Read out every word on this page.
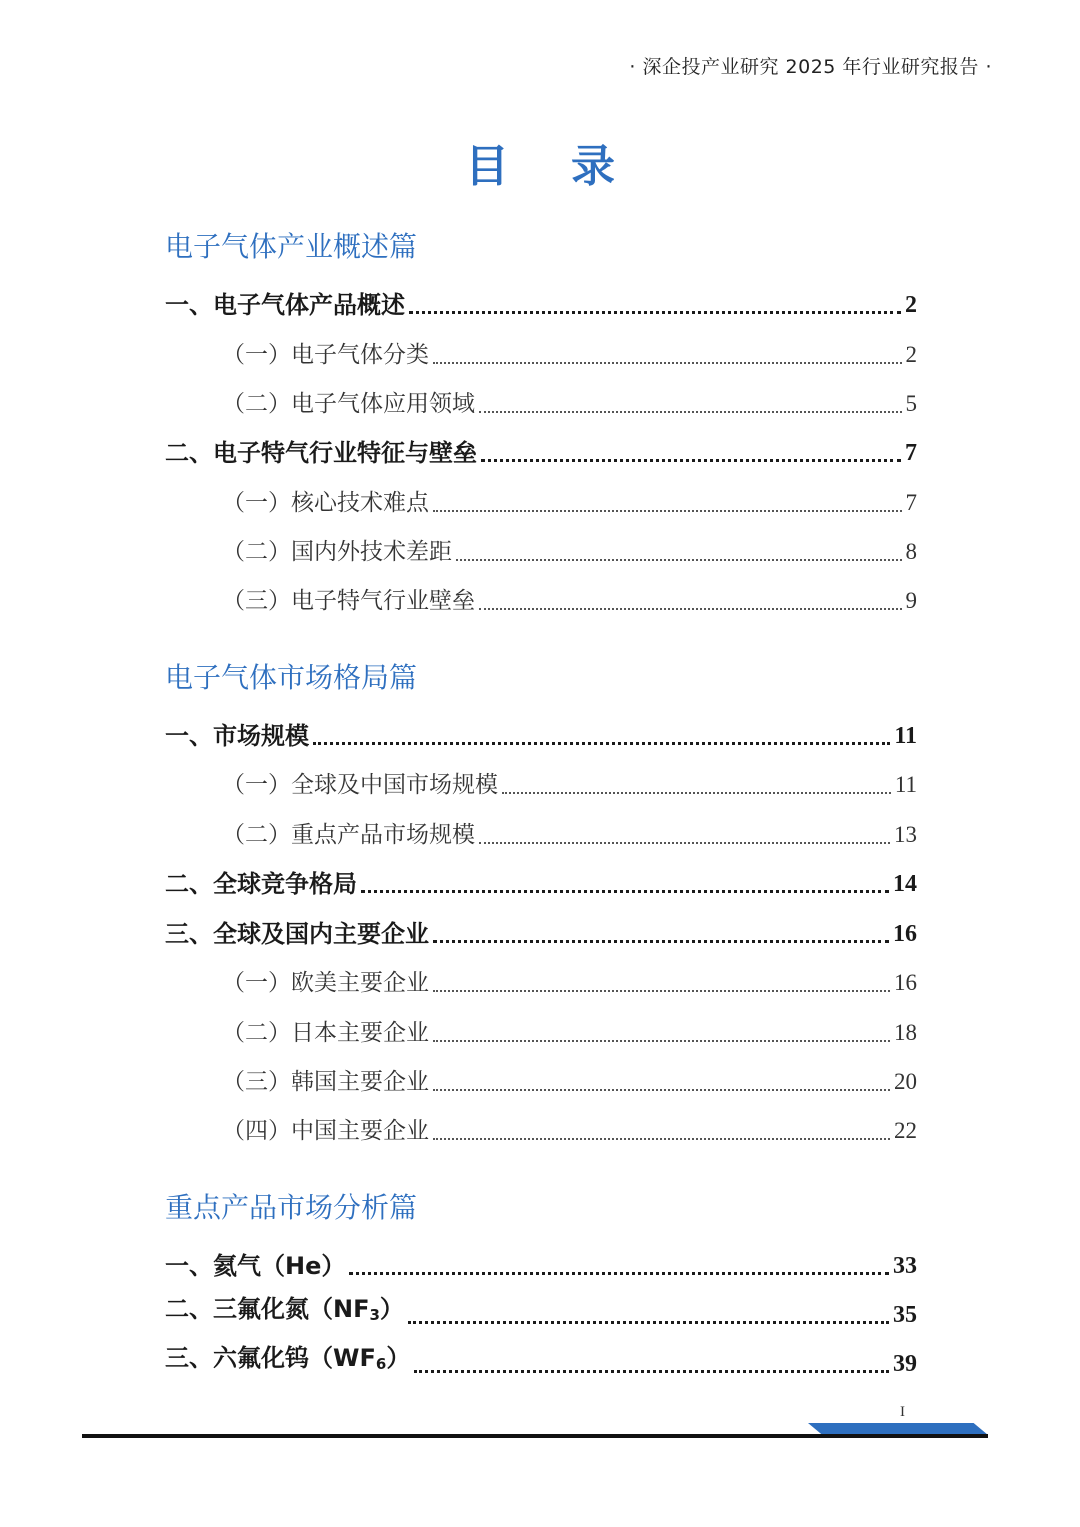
· 深企投产业研究 2025 年行业研究报告 ·
目 录
电子气体产业概述篇
一、电子气体产品概述	2
（一）电子气体分类	2
（二）电子气体应用领域	5
二、电子特气行业特征与壁垒	7
（一）核心技术难点	7
（二）国内外技术差距	8
（三）电子特气行业壁垒	9
电子气体市场格局篇
一、市场规模	11
（一）全球及中国市场规模	11
（二）重点产品市场规模	13
二、全球竞争格局	14
三、全球及国内主要企业	16
（一）欧美主要企业	16
（二）日本主要企业	18
（三）韩国主要企业	20
（四）中国主要企业	22
重点产品市场分析篇
一、氦气（He）	33
二、三氟化氮$(NF_3)$	35
三、六氟化钨$(WF_6)$	39
I
